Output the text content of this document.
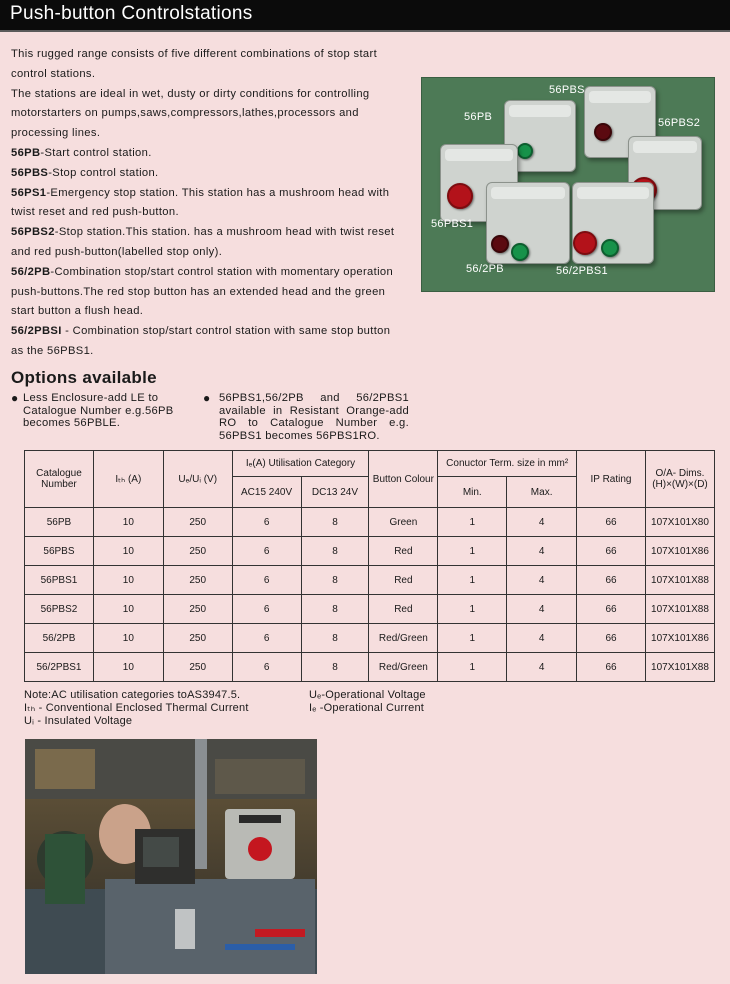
Push-button Controlstations

This rugged range consists of five different combinations of stop start control stations.

The stations are ideal in wet, dusty or dirty conditions for controlling motorstarters on pumps,saws,compressors,lathes,processors and processing lines.

56PB-Start control station.

56PBS-Stop control station.

56PS1-Emergency stop station. This station has a mushroom head with twist reset and red push-button.

56PBS2-Stop station.This station. has a mushroom head with twist reset and red push-button(labelled stop only).

56/2PB-Combination stop/start control station with momentary operation push-buttons.The red stop button has an extended head and the green start button a flush head.

56/2PBSI - Combination stop/start control station with same stop button as the 56PBS1.

56PBS
56PB	56PBS2
56PBS1
56/2PB	56/2PBS1
Options available
● Less Enclosure-add LE to Catalogue Number e.g.56PB becomes 56PBLE.
● 56PBS1,56/2PB and 56/2PBS1 available in Resistant Orange-add RO to Catalogue Number e.g. 56PBS1 becomes 56PBS1RO.
Catalogue Number	Iₜₕ (A)	Uₑ/Uᵢ (V)	Iₑ(A) Utilisation Category		Button Colour	Conuctor Term. size in mm²		IP Rating	O/A- Dims. (H)×(W)×(D)
			AC15 240V	DC13 24V		Min.	Max.		
56PB	10	250	6	8	Green	1	4	66	107X101X80
56PBS	10	250	6	8	Red	1	4	66	107X101X86
56PBS1	10	250	6	8	Red	1	4	66	107X101X88
56PBS2	10	250	6	8	Red	1	4	66	107X101X88
56/2PB	10	250	6	8	Red/Green	1	4	66	107X101X86
56/2PBS1	10	250	6	8	Red/Green	1	4	66	107X101X88
Note:AC utilisation categories toAS3947.5.
Iₜₕ - Conventional Enclosed Thermal Current
Uᵢ - Insulated Voltage
Uₑ-Operational Voltage
Iₑ -Operational Current
